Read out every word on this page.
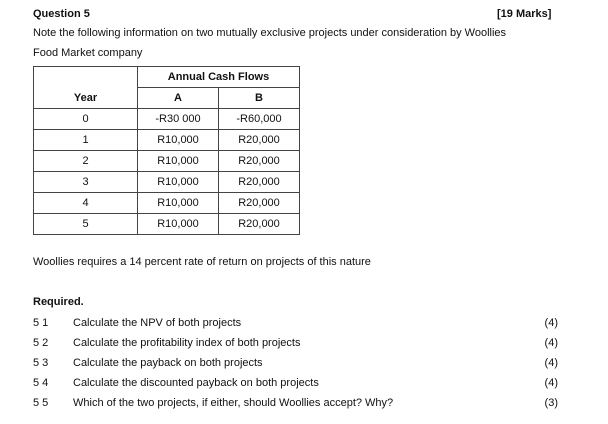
Question 5	[19 Marks]
Note the following information on two mutually exclusive projects under consideration by Woollies
Food Market company
	Annual Cash Flows	
Year	A	B
0	-R30 000	-R60,000
1	R10,000	R20,000
2	R10,000	R20,000
3	R10,000	R20,000
4	R10,000	R20,000
5	R10,000	R20,000
Woollies requires a 14 percent rate of return on projects of this nature
Required.
5 1	Calculate the NPV of both projects	(4)
5 2	Calculate the profitability index of both projects	(4)
5 3	Calculate the payback on both projects	(4)
5 4	Calculate the discounted payback on both projects	(4)
5 5	Which of the two projects, if either, should Woollies accept? Why?	(3)
